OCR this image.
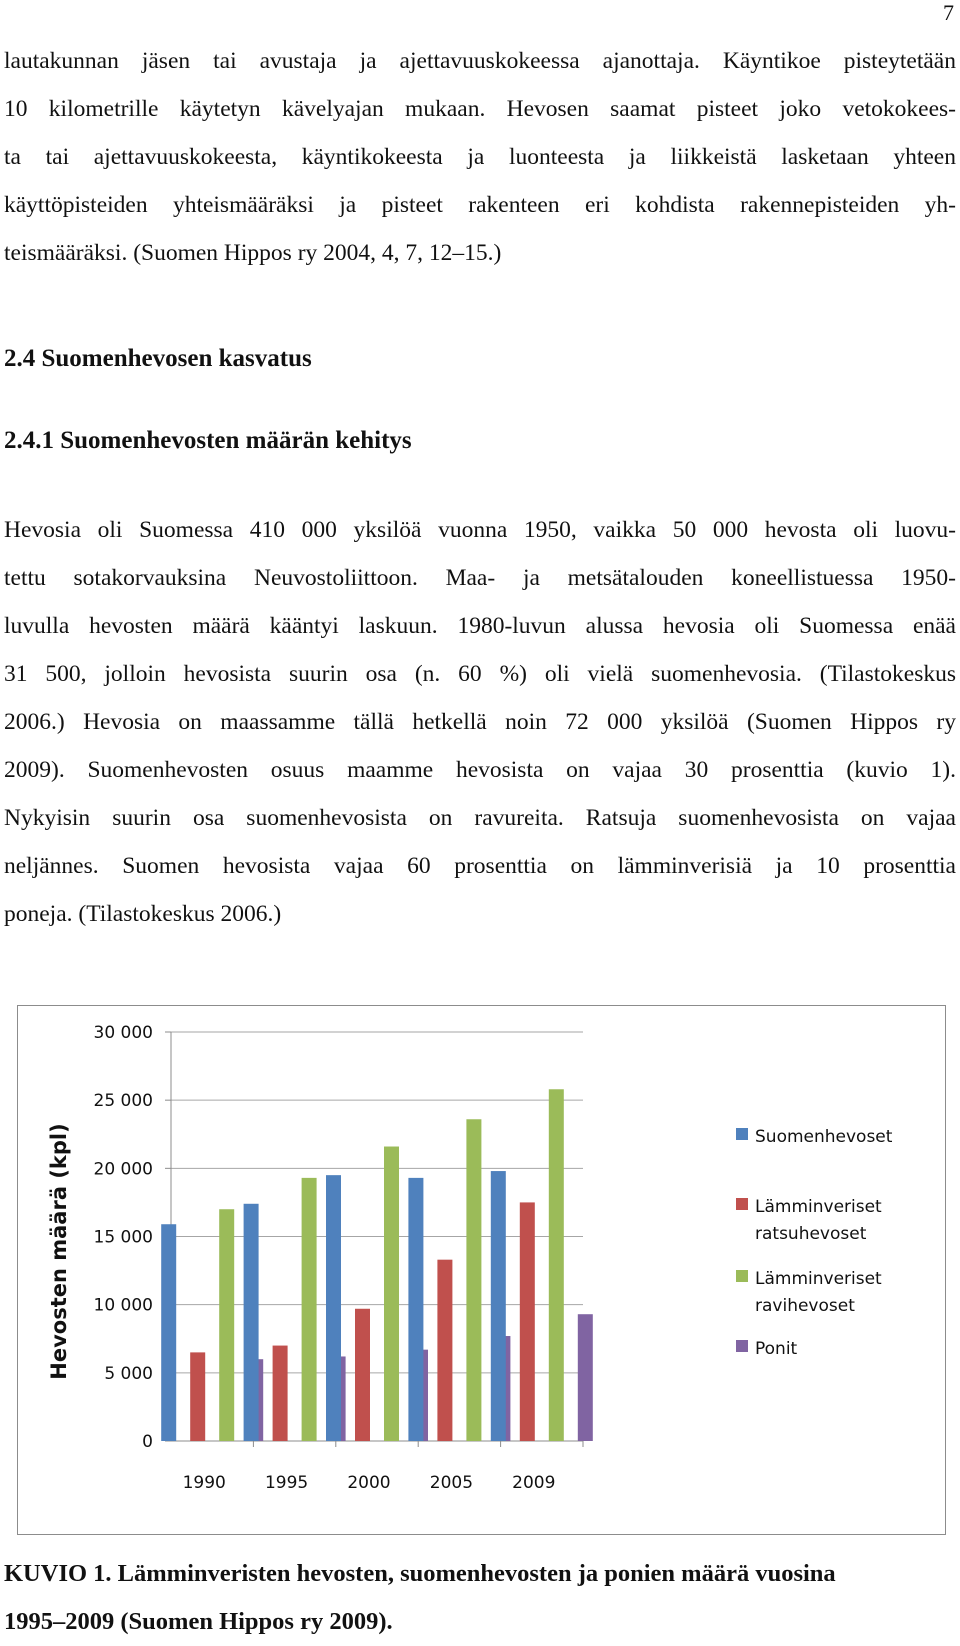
7

lautakunnan jäsen tai avustaja ja ajettavuuskokeessa ajanottaja. Käyntikoe pisteytetään
10 kilometrille käytetyn kävelyajan mukaan. Hevosen saamat pisteet joko vetokokees-
ta tai ajettavuuskokeesta, käyntikokeesta ja luonteesta ja liikkeistä lasketaan yhteen
käyttöpisteiden yhteismääräksi ja pisteet rakenteen eri kohdista rakennepisteiden yh-
teismääräksi. (Suomen Hippos ry 2004, 4, 7, 12–15.)

2.4 Suomenhevosen kasvatus
2.4.1 Suomenhevosten määrän kehitys

Hevosia oli Suomessa 410 000 yksilöä vuonna 1950, vaikka 50 000 hevosta oli luovu-
tettu sotakorvauksina Neuvostoliittoon. Maa- ja metsätalouden koneellistuessa 1950-
luvulla hevosten määrä kääntyi laskuun. 1980-luvun alussa hevosia oli Suomessa enää
31 500, jolloin hevosista suurin osa (n. 60 %) oli vielä suomenhevosia. (Tilastokeskus
2006.) Hevosia on maassamme tällä hetkellä noin 72 000 yksilöä (Suomen Hippos ry
2009). Suomenhevosten osuus maamme hevosista on vajaa 30 prosenttia (kuvio 1).
Nykyisin suurin osa suomenhevosista on ravureita. Ratsuja suomenhevosista on vajaa
neljännes. Suomen hevosista vajaa 60 prosenttia on lämminverisiä ja 10 prosenttia
poneja. (Tilastokeskus 2006.)

0
5 000
10 000
15 000
20 000
25 000
30 000
Hevosten määrä (kpl)
1990 1995 2000 2005 2009
Suomenhevoset
Lämminveriset
ratsuhevoset
Lämminveriset
ravihevoset
Ponit

KUVIO 1. Lämminveristen hevosten, suomenhevosten ja ponien määrä vuosina
1995–2009 (Suomen Hippos ry 2009).
